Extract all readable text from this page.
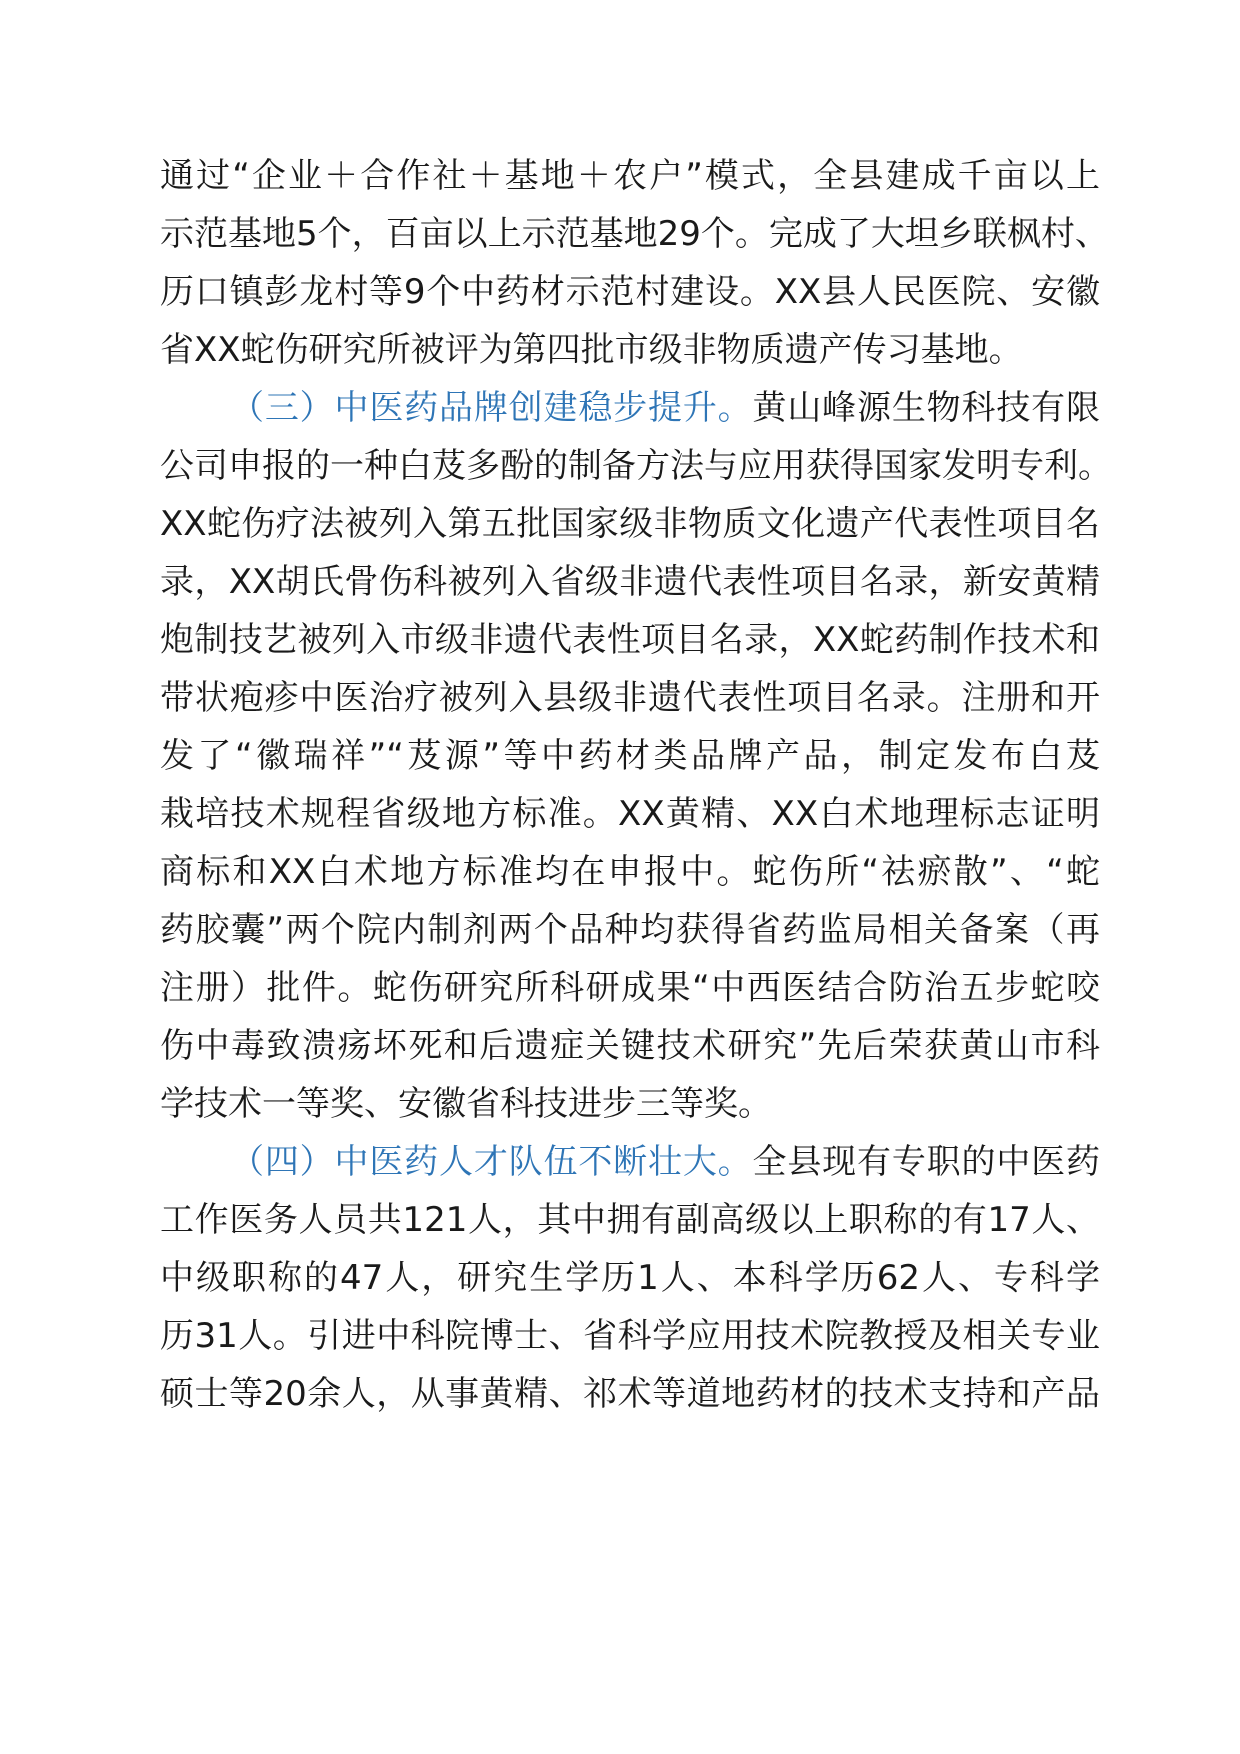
通过“企业＋合作社＋基地＋农户”模式，全县建成千亩以上
示范基地5个，百亩以上示范基地29个。完成了大坦乡联枫村、
历口镇彭龙村等9个中药材示范村建设。XX县人民医院、安徽
省XX蛇伤研究所被评为第四批市级非物质遗产传习基地。
（三）中医药品牌创建稳步提升。黄山峰源生物科技有限
公司申报的一种白芨多酚的制备方法与应用获得国家发明专利。
XX蛇伤疗法被列入第五批国家级非物质文化遗产代表性项目名
录，XX胡氏骨伤科被列入省级非遗代表性项目名录，新安黄精
炮制技艺被列入市级非遗代表性项目名录，XX蛇药制作技术和
带状疱疹中医治疗被列入县级非遗代表性项目名录。注册和开
发了“徽瑞祥”“芨源”等中药材类品牌产品，制定发布白芨
栽培技术规程省级地方标准。XX黄精、XX白术地理标志证明
商标和XX白术地方标准均在申报中。蛇伤所“祛瘀散”、“蛇
药胶囊”两个院内制剂两个品种均获得省药监局相关备案（再
注册）批件。蛇伤研究所科研成果“中西医结合防治五步蛇咬
伤中毒致溃疡坏死和后遗症关键技术研究”先后荣获黄山市科
学技术一等奖、安徽省科技进步三等奖。
（四）中医药人才队伍不断壮大。全县现有专职的中医药
工作医务人员共121人，其中拥有副高级以上职称的有17人、
中级职称的47人，研究生学历1人、本科学历62人、专科学
历31人。引进中科院博士、省科学应用技术院教授及相关专业
硕士等20余人，从事黄精、祁术等道地药材的技术支持和产品
